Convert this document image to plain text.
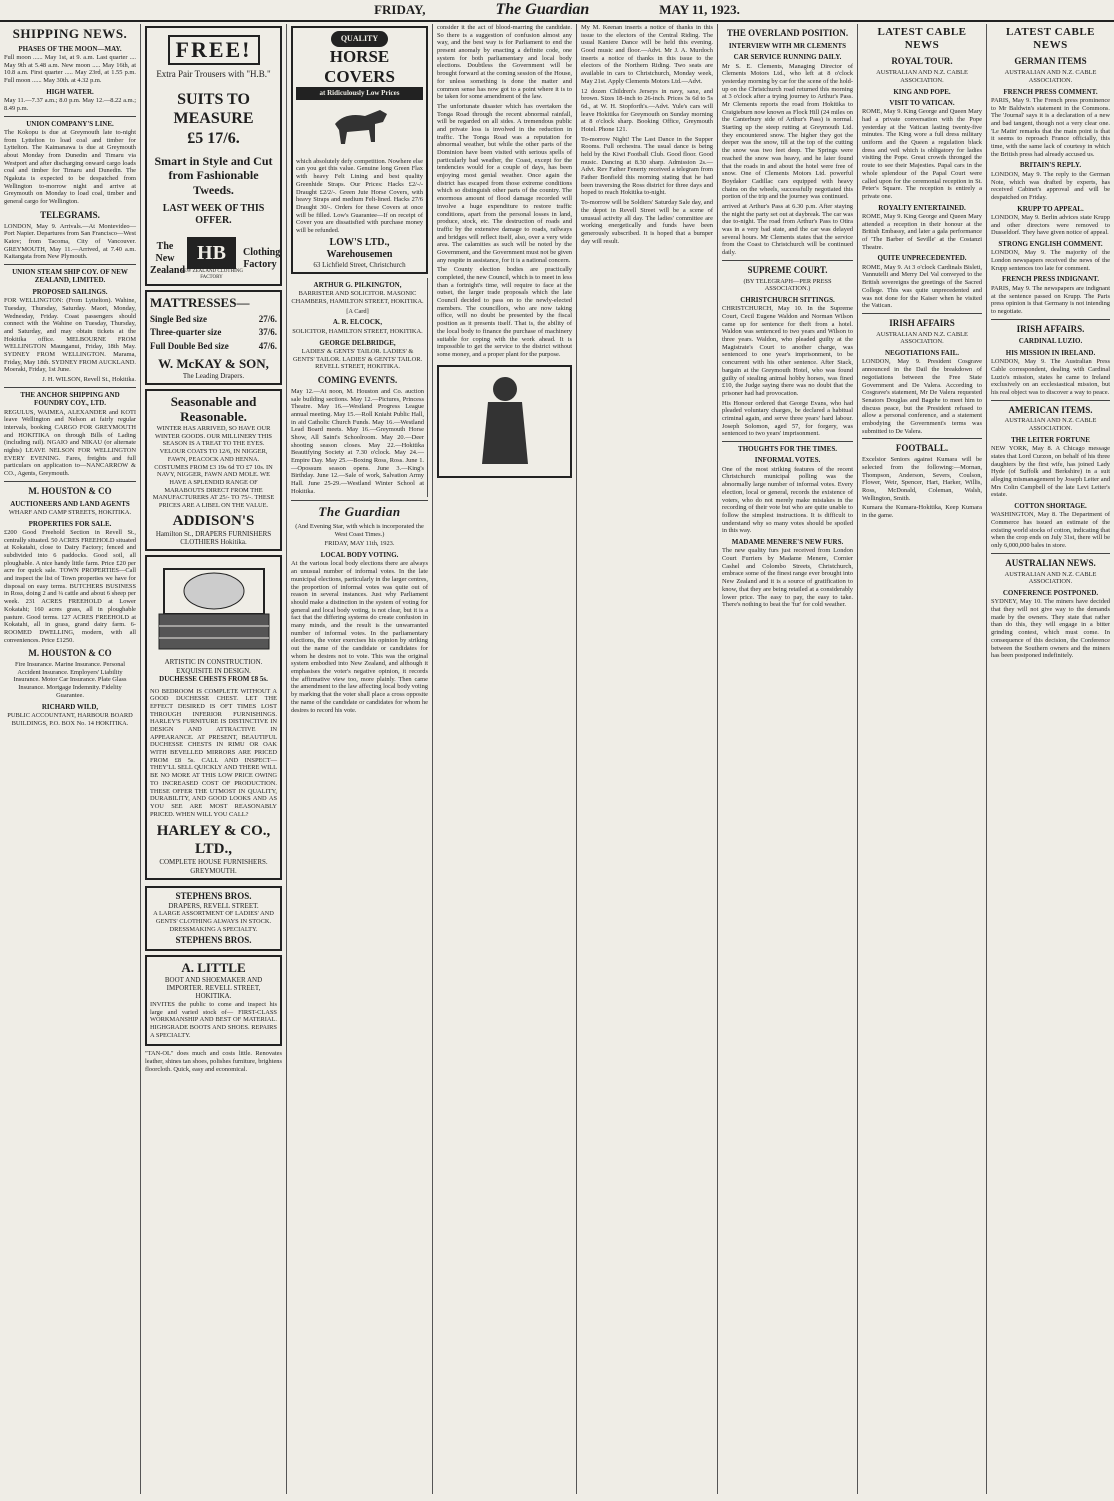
FRIDAY,	The Guardian	MAY 11, 1923.
SHIPPING NEWS.
PHASES OF THE MOON—MAY.

Full moon ...... May 1st, at 9. a.m. Last quarter .... May 9th at 5.48 a.m. New moon ..... May 16th, at 10.8 a.m. First quarter ..... May 23rd, at 1.55 p.m. Full moon ...... May 30th. at 4.32 p.m.

HIGH WATER.

May 11.—7.37 a.m.; 8.0 p.m. May 12.—8.22 a.m.; 8.49 p.m.

UNION COMPANY'S LINE.

The Kokopu is due at Greymouth late to-night from Lyttelton to load coal and timber for Lyttelton. The Kaimanawa is due at Greymouth about Monday from Dunedin and Timaru via Westport and after discharging onward cargo loads coal and timber for Timaru and Dunedin. The Ngakuta is expected to be despatched from Wellington to-morrow night and arrive at Greymouth on Monday to load coal, timber and general cargo for Wellington.

TELEGRAMS.

LONDON, May 9. Arrivals.—At Montevideo—Port Napier. Departures from San Francisco—West Katov; from Tacoma, City of Vancouver. GREYMOUTH, May 11.—Arrived, at 7.40 a.m. Kaitangata from New Plymouth.

UNION STEAM SHIP COY. OF NEW ZEALAND, LIMITED.
PROPOSED SAILINGS.

FOR WELLINGTON: (From Lyttelton). Wahine, Tuesday, Thursday, Saturday. Maori, Monday, Wednesday, Friday. Coast passengers should connect with the Wahine on Tuesday, Thursday, and Saturday, and may obtain tickets at the Hokitika office. MELBOURNE FROM WELLINGTON Maunganui, Friday, 18th May. SYDNEY FROM WELLINGTON. Marama, Friday, May 18th. SYDNEY FROM AUCKLAND. Moeraki, Friday, 1st June.

J. H. WILSON, Revell St., Hokitika.

THE ANCHOR SHIPPING AND FOUNDRY COY., LTD.

REGULUS, WAIMEA, ALEXANDER and KOTI leave Wellington and Nelson at fairly regular intervals, booking CARGO FOR GREYMOUTH and HOKITIKA on through Bills of Lading (including rail). NGAIO and NIKAU (or alternate nights) LEAVE NELSON FOR WELLINGTON EVERY EVENING. Fares, freights and full particulars on application to—NANCARROW & CO., Agents, Greymouth.

M. HOUSTON & CO
AUCTIONEERS AND LAND AGENTS

WHARF AND CAMP STREETS, HOKITIKA.

PROPERTIES FOR SALE.

£200 Good Freehold Section in Revell St., centrally situated. 50 ACRES FREEHOLD situated at Kokatahi, close to Dairy Factory; fenced and subdivided into 6 paddocks. Good soil, all ploughable. A nice handy little farm. Price £20 per acre for quick sale. TOWN PROPERTIES—Call and inspect the list of Town properties we have for disposal on easy terms. BUTCHERS BUSINESS in Ross, doing 2 and ¼ cattle and about 6 sheep per week. 231 ACRES FREEHOLD at Lower Kokatahi; 160 acres grass, all in ploughable pasture. Good terms. 127 ACRES FREEHOLD at Kokatahi, all in grass, grand dairy farm. 6-ROOMED DWELLING, modern, with all conveniences. Price £1250.

M. HOUSTON & CO

Fire Insurance. Marine Insurance. Personal Accident Insurance. Employers' Liability Insurance. Motor Car Insurance. Plate Glass Insurance. Mortgage Indemnity. Fidelity Guarantee.

RICHARD WILD,

PUBLIC ACCOUNTANT, HARBOUR BOARD BUILDINGS, P.O. BOX No. 14 HOKITIKA.

FREE!
Extra Pair Trousers with "H.B."
SUITS TO
MEASURE
£5 17/6.
Smart in Style and Cut from Fashionable Tweeds.
LAST WEEK OF THIS OFFER.
The New Zealand
HB
NEW ZEALAND CLOTHING FACTORY
Clothing Factory
MATTRESSES—
Single Bed size	27/6.
Three-quarter size	37/6.
Full Double Bed size	47/6.
W. McKAY & SON,
The Leading Drapers.
Seasonable and Reasonable.

WINTER HAS ARRIVED, SO HAVE OUR WINTER GOODS. OUR MILLINERY THIS SEASON IS A TREAT TO THE EYES. VELOUR COATS TO 12/6, IN NIGGER, FAWN, PEACOCK AND HENNA. COSTUMES FROM £3 19s 6d TO £7 10s. IN NAVY, NIGGER, FAWN AND MOLE. WE HAVE A SPLENDID RANGE OF MARABOUTS DIRECT FROM THE MANUFACTURERS AT 25/- TO 75/-. THESE PRICES ARE A LIBEL ON THE VALUE.

ADDISON'S
Hamilton St., DRAPERS FURNISHERS CLOTHIERS Hokitika.
ARTISTIC IN CONSTRUCTION.
EXQUISITE IN DESIGN.
DUCHESSE CHESTS FROM £8 5s.

NO BEDROOM IS COMPLETE WITHOUT A GOOD DUCHESSE CHEST. LET THE EFFECT DESIRED IS OFT TIMES LOST THROUGH INFERIOR FURNISHINGS. HARLEY'S FURNITURE IS DISTINCTIVE IN DESIGN AND ATTRACTIVE IN APPEARANCE. AT PRESENT, BEAUTIFUL DUCHESSE CHESTS IN RIMU OR OAK WITH BEVELLED MIRRORS ARE PRICED FROM £8 5s. CALL AND INSPECT—THEY'LL SELL QUICKLY AND THERE WILL BE NO MORE AT THIS LOW PRICE OWING TO INCREASED COST OF PRODUCTION. THESE OFFER THE UTMOST IN QUALITY, DURABILITY, AND GOOD LOOKS AND AS YOU SEE ARE MOST REASONABLY PRICED. WHEN WILL YOU CALL?

HARLEY & CO., LTD.,
COMPLETE HOUSE FURNISHERS. GREYMOUTH.
STEPHENS BROS.
DRAPERS, REVELL STREET.

A LARGE ASSORTMENT OF LADIES' AND GENTS' CLOTHING ALWAYS IN STOCK. DRESSMAKING A SPECIALTY.

STEPHENS BROS.
A. LITTLE
BOOT AND SHOEMAKER AND IMPORTER. REVELL STREET, HOKITIKA.

INVITES the public to come and inspect his large and varied stock of— FIRST-CLASS WORKMANSHIP AND BEST OF MATERIAL. HIGHGRADE BOOTS AND SHOES. REPAIRS A SPECIALTY.

"TAN-OL" does much and costs little. Renovates leather, shines tan shoes, polishes furniture, brightens floorcloth. Quick, easy and economical.

QUALITY
HORSE COVERS
at Ridiculously Low Prices

which absolutely defy competition. Nowhere else can you get this value. Genuine long Green Flax with heavy Felt Lining and best quality Greenhide Straps. Our Prices: Hacks £2/-/- Draught £2/2/-. Green Jute Horse Covers, with heavy Straps and medium Felt-lined. Hacks 27/6 Draught 30/-. Orders for these Covers at once will be filled. Low's Guarantee—If on receipt of Cover you are dissatisfied with purchase money will be refunded.

LOW'S LTD., Warehousemen
63 Lichfield Street, Christchurch
ARTHUR G. PILKINGTON,

BARRISTER AND SOLICITOR. MASONIC CHAMBERS, HAMILTON STREET, HOKITIKA.

[A Card]

A. R. ELCOCK,

SOLICITOR, HAMILTON STREET, HOKITIKA.

GEORGE DELBRIDGE,

LADIES' & GENTS' TAILOR. LADIES' & GENTS' TAILOR. LADIES' & GENTS' TAILOR. REVELL STREET, HOKITIKA.

COMING EVENTS.

May 12.—At noon, M. Houston and Co. auction sale building sections. May 12.—Pictures, Princess Theatre. May 16.—Westland Progress League annual meeting. May 15.—Roll Kniaht Public Hall, in aid Catholic Church Funds. May 16.—Westland Lead Board meets. May 16.—Greymouth Horse Show, All Saint's Schoolroom. May 20.—Deer shooting season closes. May 22.—Hokitika Beautifying Society at 7.30 o'clock. May 24.—Empire Day. May 25.—Boxing Ross, Ross. June 1.—Opossum season opens. June 3.—King's Birthday. June 12.—Sale of work, Salvation Army Hall. June 25-29.—Westland Winter School at Hokitika.

The Guardian

(And Evening Star, with which is incorporated the West Coast Times.)

FRIDAY, MAY 11th, 1923.

LOCAL BODY VOTING.

At the various local body elections there are always an unusual number of informal votes. In the late municipal elections, particularly in the larger centres, the proportion of informal votes was quite out of reason in several instances. Just why Parliament should make a distinction in the system of voting for general and local body voting, is not clear, but it is a fact that the differing systems do create confusion in many minds, and the result is the unwarranted number of informal votes. In the parliamentary elections, the voter exercises his opinion by striking out the name of the candidate or candidates for whom he desires not to vote. This was the original system embodied into New Zealand, and although it emphasises the voter's negative opinion, it records the affirmative view too, more plainly. Then came the amendment to the law affecting local body voting by marking that the voter shall place a cross opposite the name of the candidate or candidates for whom he desires to record his vote.

consider it the act of blood-marring the candidate. So there is a suggestion of confusion almost any way, and the best way is for Parliament to end the present anomaly by enacting a definite code, one system for both parliamentary and local body elections. Doubtless the Government will be brought forward at the coming session of the House, for unless something is done the matter and common sense has now got to a point where it is to be taken for some amendment of the law.

The unfortunate disaster which has overtaken the Tonga Road through the recent abnormal rainfall, will be regarded on all sides. A tremendous public and private loss is involved in the reduction in traffic. The Tonga Road was a reputation for abnormal weather, but while the other parts of the Dominion have been visited with serious spells of particularly bad weather, the Coast, except for the tendencies would for a couple of days, has been enjoying most genial weather. Once again the district has escaped from those extreme conditions which so distinguish other parts of the country. The enormous amount of flood damage recorded will involve a huge expenditure to restore traffic conditions, apart from the personal losses in land, produce, stock, etc. The destruction of roads and traffic by the extensive damage to roads, railways and bridges will reflect itself, also, over a very wide area. The calamities as such will be noted by the Government, and the Government must not be given any respite in assistance, for it is a national concern.

The County election bodies are practically completed, the new Council, which is to meet in less than a fortnight's time, will require to face at the outset, the larger trade proposals which the late Council decided to pass on to the newly-elected members. The councillors, who are now taking office, will no doubt be presented by the fiscal position as it presents itself. That is, the ability of the local body to finance the purchase of machinery suitable for coping with the work ahead. It is impossible to get the service to the district without some money, and a proper plant for the purpose.

My M. Keenan inserts a notice of thanks in this issue to the electors of the Central Riding. The usual Kaniere Dance will be held this evening. Good music and floor.—Advt. Mr J. A. Murdoch inserts a notice of thanks in this issue to the electors of the Northern Riding. Two seats are available in cars to Christchurch, Monday week, May 21st. Apply Clements Motors Ltd.—Advt.

12 dozen Children's Jerseys in navy, saxe, and brown. Sizes 18-inch to 26-inch. Prices 3s 6d to 5s 6d., at W. H. Stopforth's.—Advt. Yule's cars will leave Hokitika for Greymouth on Sunday morning at 8 o'clock sharp. Booking Office, Greymouth Hotel. Phone 121.

To-morrow Night! The Last Dance in the Supper Rooms. Full orchestra. The usual dance is being held by the Kiwi Football Club. Good floor. Good music. Dancing at 8.30 sharp. Admission 2s.—Advt. Rev Father Fenerty received a telegram from Father Bonfield this morning stating that he had been traversing the Ross district for three days and hoped to reach Hokitika to-night.

To-morrow will be Soldiers' Saturday Sale day, and the depot in Revell Street will be a scene of unusual activity all day. The ladies' committee are working energetically and funds have been generously subscribed. It is hoped that a bumper day will result.

THE OVERLAND POSITION.
INTERVIEW WITH MR CLEMENTS
CAR SERVICE RUNNING DAILY.

Mr S. E. Clements, Managing Director of Clements Motors Ltd., who left at 8 o'clock yesterday morning by car for the scene of the hold-up on the Christchurch road returned this morning at 3 o'clock after a trying journey to Arthur's Pass. Mr Clements reports the road from Hokitika to Craigieburn now known as Flock Hill (24 miles on the Canterbury side of Arthur's Pass) is normal. Starting up the steep rutting at Greymouth Ltd. they encountered snow. The higher they got the deeper was the snow, till at the top of the cutting the snow was two feet deep. The Springs were reached the snow was heavy, and he later found that the roads in and about the hotel were free of snow. One of Clements Motors Ltd. powerful Boydaker Cadillac cars equipped with heavy chains on the wheels, successfully negotiated this portion of the trip and the journey was continued.

arrived at Arthur's Pass at 6.30 p.m. After staying the night the party set out at daybreak. The car was due to-night. The road from Arthur's Pass to Otira was in a very bad state, and the car was delayed several hours. Mr Clements states that the service from the Coast to Christchurch will be continued daily.

SUPREME COURT.

(BY TELEGRAPH—PER PRESS ASSOCIATION.)

CHRISTCHURCH SITTINGS.

CHRISTCHURCH, May 10. In the Supreme Court, Cecil Eugene Waldon and Norman Wilson came up for sentence for theft from a hotel. Waldon was sentenced to two years and Wilson to three years. Waldon, who pleaded guilty at the Magistrate's Court to another charge, was sentenced to one year's imprisonment, to be concurrent with his other sentence. After Stack, bargain at the Greymouth Hotel, who was found guilty of stealing animal hobby horses, was fined £10, the Judge saying there was no doubt that the prisoner had had provocation.

His Honour ordered that George Evans, who had pleaded voluntary charges, be declared a habitual criminal again, and serve three years' hard labour. Joseph Solomon, aged 57, for forgery, was sentenced to two years' imprisonment.

THOUGHTS FOR THE TIMES.
INFORMAL VOTES.

One of the most striking features of the recent Christchurch municipal polling was the abnormally large number of informal votes. Every election, local or general, records the existence of voters, who do not merely make mistakes in the recording of their vote but who are quite unable to follow the simplest instructions. It is difficult to understand why so many votes should be spoiled in this way.

MADAME MENERE'S NEW FURS.

The new quality furs just received from London Court Furriers by Madame Menere, Cornier Cashel and Colombo Streets, Christchurch, embrace some of the finest range ever brought into New Zealand and it is a source of gratification to know, that they are being retailed at a considerably lower price. The easy to pay, the easy to take. There's nothing to beat the 'fur' for cold weather.

LATEST CABLE NEWS
ROYAL TOUR.

AUSTRALIAN AND N.Z. CABLE ASSOCIATION.

KING AND POPE.
VISIT TO VATICAN.

ROME, May 9. King George and Queen Mary had a private conversation with the Pope yesterday at the Vatican lasting twenty-five minutes. The King wore a full dress military uniform and the Queen a regulation black dress and veil which is obligatory for ladies visiting the Pope. Great crowds thronged the route to see their Majesties. Papal cars in the whole splendour of the Papal Court were called upon for the ceremonial reception in St. Peter's Square. The reception is entirely a private one.

ROYALTY ENTERTAINED.

ROME, May 9. King George and Queen Mary attended a reception in their honour at the British Embassy, and later a gala performance of 'The Barber of Seville' at the Costanzi Theatre.

QUITE UNPRECEDENTED.

ROME, May 9. At 3 o'clock Cardinals Bisleti, Vannutelli and Merry Del Val conveyed to the British sovereigns the greetings of the Sacred College. This was quite unprecedented and was not done for the Kaiser when he visited the Vatican.

IRISH AFFAIRS

AUSTRALIAN AND N.Z. CABLE ASSOCIATION.

NEGOTIATIONS FAIL.

LONDON, May 9. President Cosgrave announced in the Dail the breakdown of negotiations between the Free State Government and De Valera. According to Cosgrave's statement, Mr De Valera requested Senators Douglas and Bagehe to meet him to discuss peace, but the President refused to allow a personal conference, and a statement embodying the Government's terms was submitted to De Valera.

FOOTBALL.

Excelsior Seniors against Kumara will be selected from the following:—Mornan, Thompson, Anderson, Severs, Coulson, Flower, Weir, Spencer, Hart, Harker, Willis, Ross, McDonald, Coleman, Walsh, Wellington, Smith.

Kumara the Kumara-Hokitika, Keep Kumara in the game.

LATEST CABLE NEWS
GERMAN ITEMS

AUSTRALIAN AND N.Z. CABLE ASSOCIATION.

FRENCH PRESS COMMENT.

PARIS, May 9. The French press prominence to Mr Baldwin's statement in the Commons. The 'Journal' says it is a declaration of a new and bad tangent, though not a very clear one. 'Le Matin' remarks that the main point is that it seems to reproach France officially, this time, with the same lack of courtesy in which the British press had already accused us.

BRITAIN'S REPLY.

LONDON, May 9. The reply to the German Note, which was drafted by experts, has received Cabinet's approval and will be despatched on Friday.

KRUPP TO APPEAL.

LONDON, May 9. Berlin advices state Krupp and other directors were removed to Dusseldorf. They have given notice of appeal.

STRONG ENGLISH COMMENT.

LONDON, May 9. The majority of the London newspapers received the news of the Krupp sentences too late for comment.

FRENCH PRESS INDIGNANT.

PARIS, May 9. The newspapers are indignant at the sentence passed on Krupp. The Paris press opinion is that Germany is not intending to negotiate.

IRISH AFFAIRS.
CARDINAL LUZIO.
HIS MISSION IN IRELAND.

LONDON, May 9. The Australian Press Cable correspondent, dealing with Cardinal Luzio's mission, states he came to Ireland exclusively on an ecclesiastical mission, but his real object was to discover a way to peace.

AMERICAN ITEMS.

AUSTRALIAN AND N.Z. CABLE ASSOCIATION.

THE LEITER FORTUNE

NEW YORK, May 8. A Chicago message states that Lord Curzon, on behalf of his three daughters by the first wife, has joined Lady Hyde (of Suffolk and Berkshire) in a suit alleging mismanagement by Joseph Leiter and Mrs Colin Campbell of the late Levi Leiter's estate.

COTTON SHORTAGE.

WASHINGTON, May 8. The Department of Commerce has issued an estimate of the existing world stocks of cotton, indicating that when the crop ends on July 31st, there will be only 6,000,000 bales in store.

AUSTRALIAN NEWS.

AUSTRALIAN AND N.Z. CABLE ASSOCIATION.

CONFERENCE POSTPONED.

SYDNEY, May 10. The miners have decided that they will not give way to the demands made by the owners. They state that rather than do this, they will engage in a bitter grinding contest, which must come. In consequence of this decision, the Conference between the Southern owners and the miners has been postponed indefinitely.
